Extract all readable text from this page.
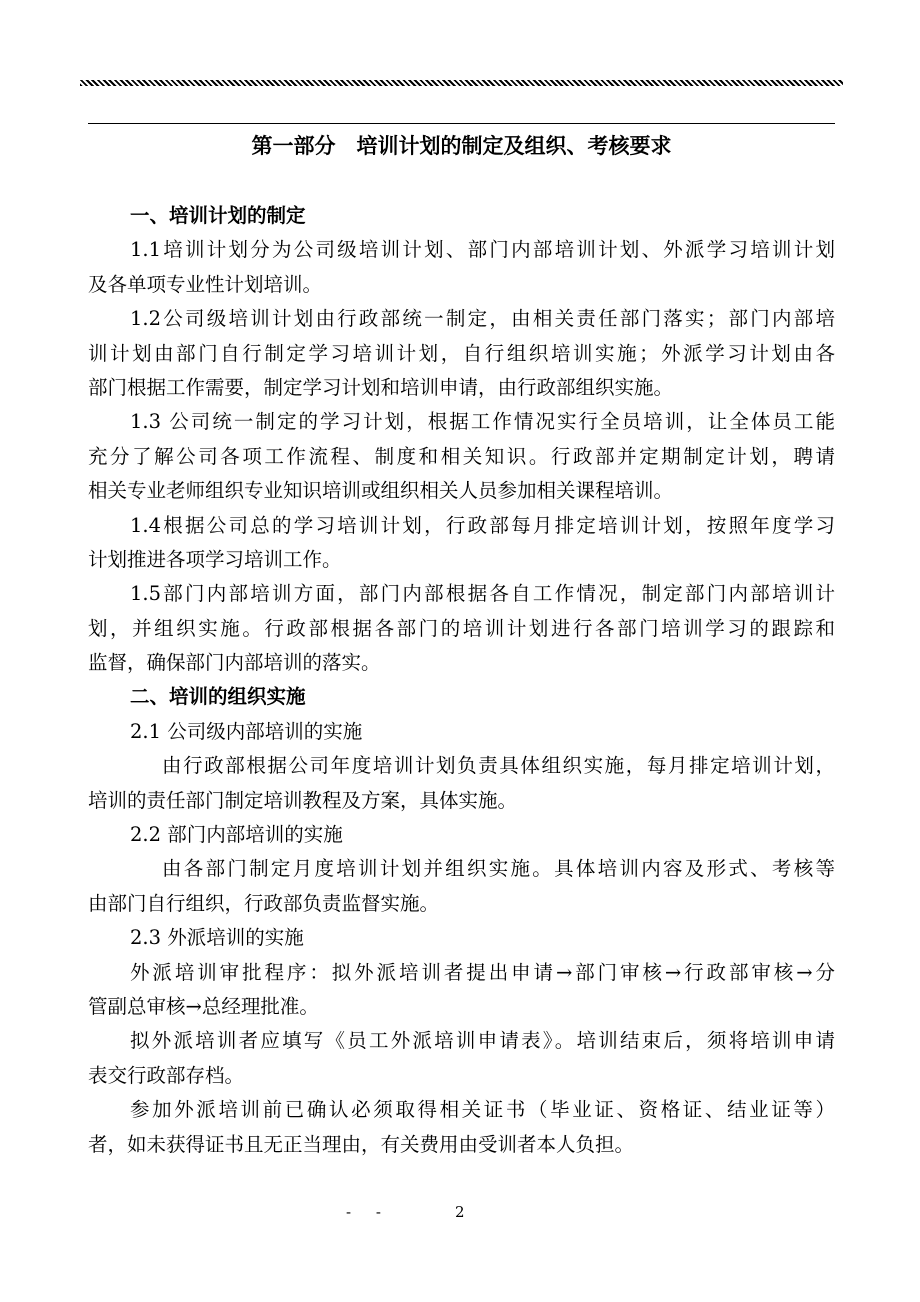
第一部分　培训计划的制定及组织、考核要求
一、培训计划的制定
1.1培训计划分为公司级培训计划、部门内部培训计划、外派学习培训计划
及各单项专业性计划培训。
1.2公司级培训计划由行政部统一制定，由相关责任部门落实；部门内部培
训计划由部门自行制定学习培训计划，自行组织培训实施；外派学习计划由各
部门根据工作需要，制定学习计划和培训申请，由行政部组织实施。
1.3 公司统一制定的学习计划，根据工作情况实行全员培训，让全体员工能
充分了解公司各项工作流程、制度和相关知识。行政部并定期制定计划，聘请
相关专业老师组织专业知识培训或组织相关人员参加相关课程培训。
1.4根据公司总的学习培训计划，行政部每月排定培训计划，按照年度学习
计划推进各项学习培训工作。
1.5部门内部培训方面，部门内部根据各自工作情况，制定部门内部培训计
划，并组织实施。行政部根据各部门的培训计划进行各部门培训学习的跟踪和
监督，确保部门内部培训的落实。
二、培训的组织实施
2.1 公司级内部培训的实施
由行政部根据公司年度培训计划负责具体组织实施，每月排定培训计划，
培训的责任部门制定培训教程及方案，具体实施。
2.2 部门内部培训的实施
由各部门制定月度培训计划并组织实施。具体培训内容及形式、考核等
由部门自行组织，行政部负责监督实施。
2.3 外派培训的实施
外派培训审批程序：拟外派培训者提出申请→部门审核→行政部审核→分
管副总审核→总经理批准。
拟外派培训者应填写《员工外派培训申请表》。培训结束后，须将培训申请
表交行政部存档。
参加外派培训前已确认必须取得相关证书（毕业证、资格证、结业证等）
者，如未获得证书且无正当理由，有关费用由受训者本人负担。
- -	2
